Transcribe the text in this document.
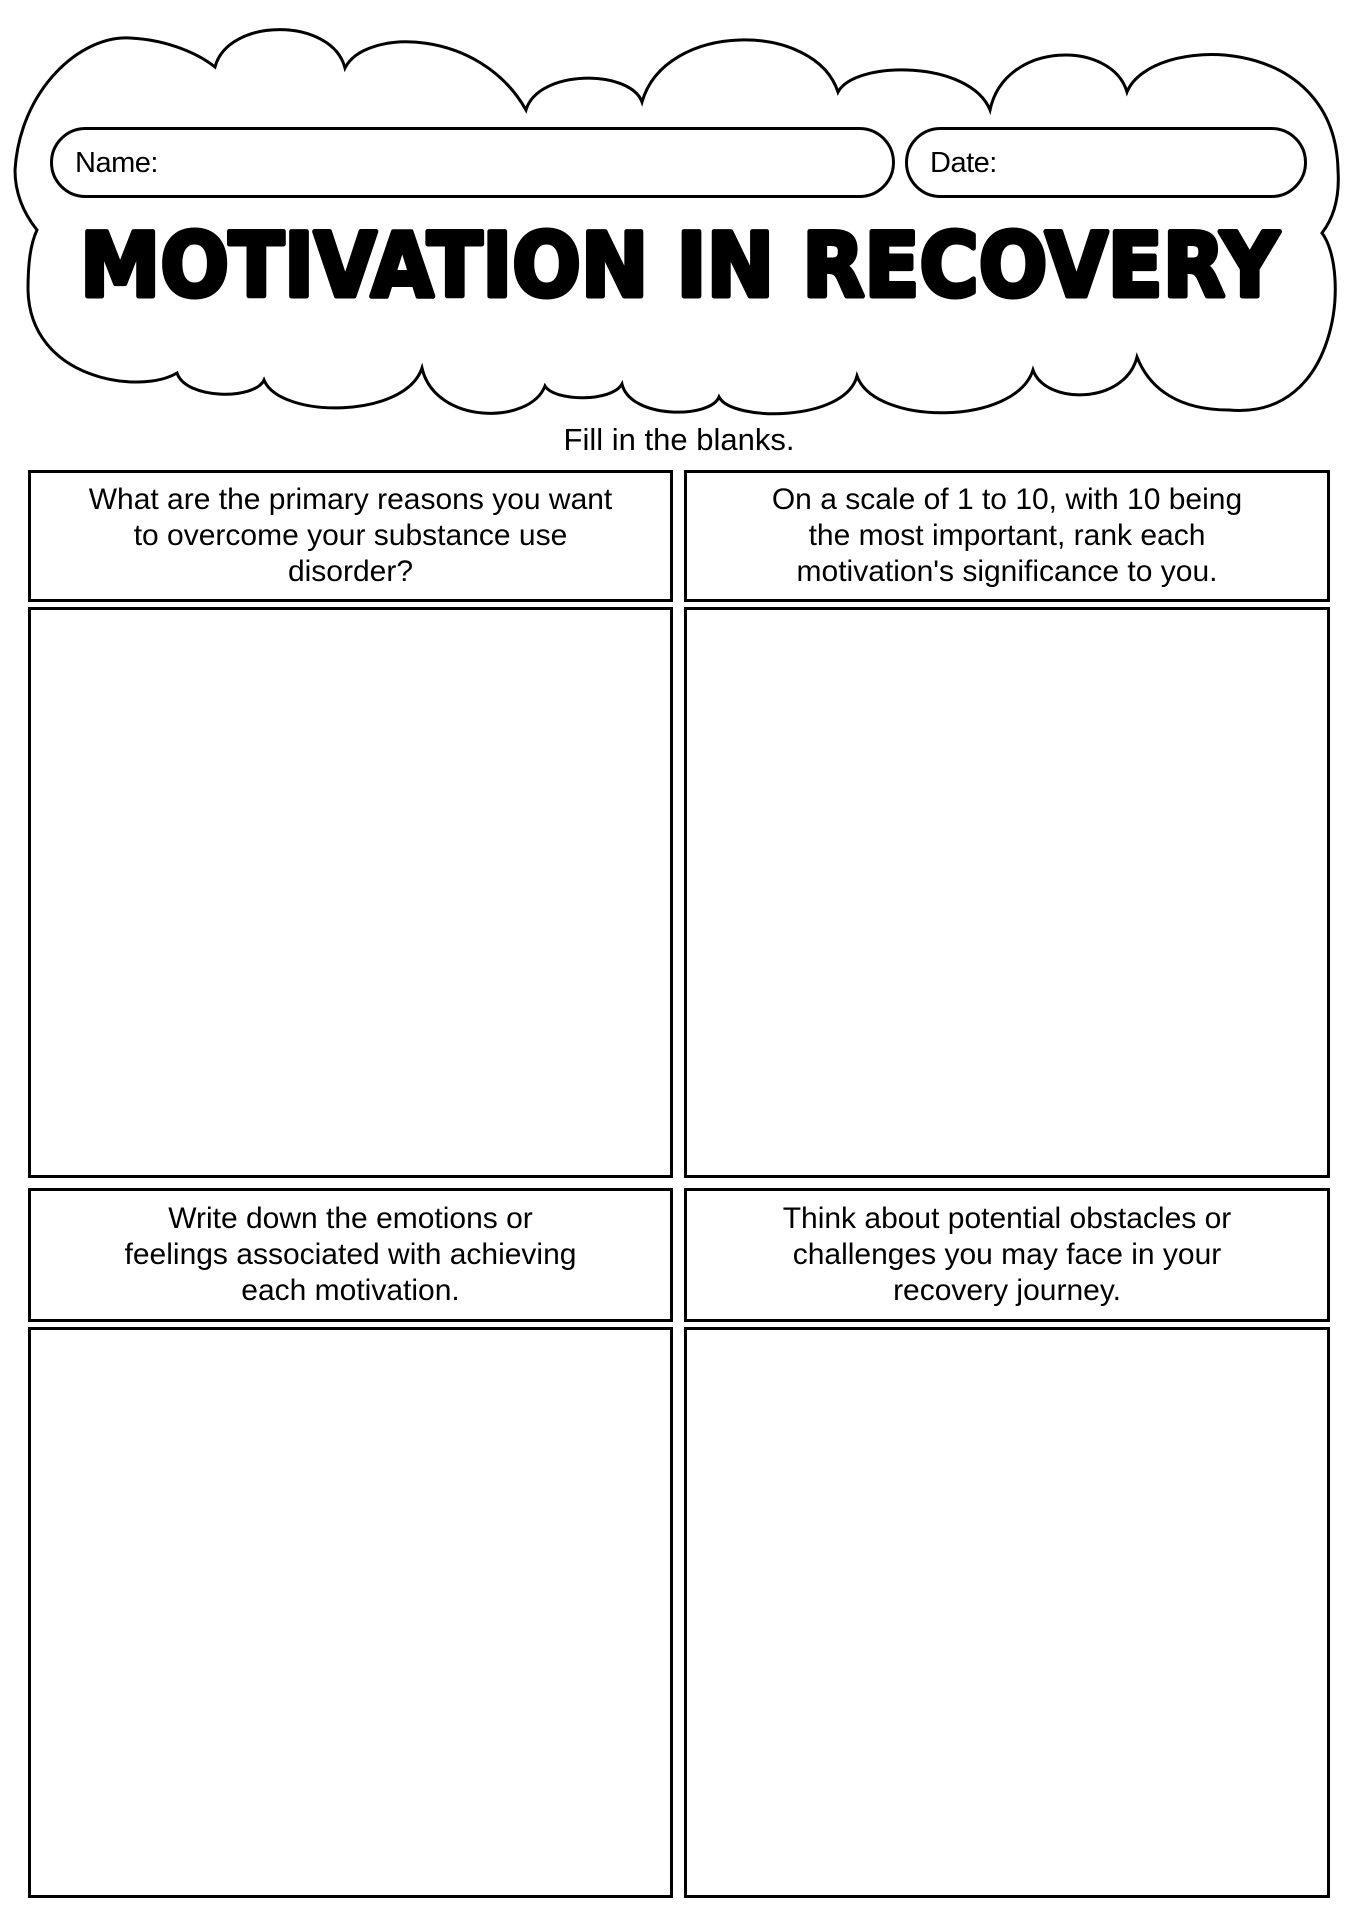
MOTIVATION IN RECOVERY
Name:	Date:
Fill in the blanks.
What are the primary reasons you want
to overcome your substance use
disorder?
On a scale of 1 to 10, with 10 being
the most important, rank each
motivation's significance to you.
Write down the emotions or
feelings associated with achieving
each motivation.
Think about potential obstacles or
challenges you may face in your
recovery journey.
